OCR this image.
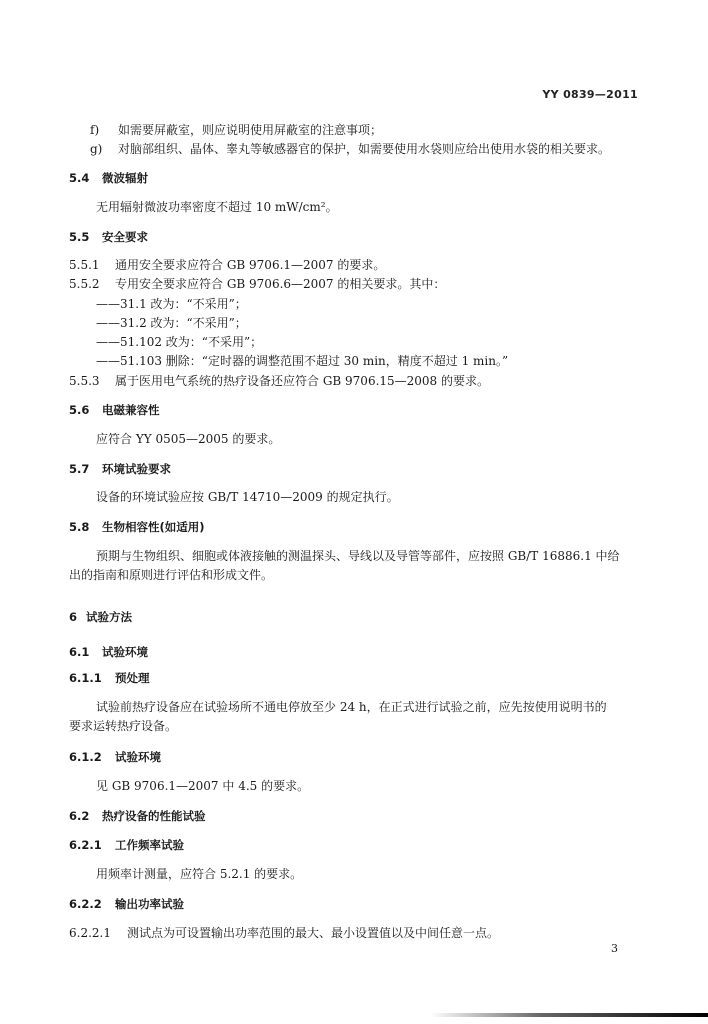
YY 0839—2011
f) 如需要屏蔽室，则应说明使用屏蔽室的注意事项；
g) 对脑部组织、晶体、睾丸等敏感器官的保护，如需要使用水袋则应给出使用水袋的相关要求。
5.4 微波辐射
无用辐射微波功率密度不超过 10 mW/cm²。
5.5 安全要求
5.5.1 通用安全要求应符合 GB 9706.1—2007 的要求。
5.5.2 专用安全要求应符合 GB 9706.6—2007 的相关要求。其中：
——31.1 改为：“不采用”；
——31.2 改为：“不采用”；
——51.102 改为：“不采用”；
——51.103 删除：“定时器的调整范围不超过 30 min，精度不超过 1 min。”
5.5.3 属于医用电气系统的热疗设备还应符合 GB 9706.15—2008 的要求。
5.6 电磁兼容性
应符合 YY 0505—2005 的要求。
5.7 环境试验要求
设备的环境试验应按 GB/T 14710—2009 的规定执行。
5.8 生物相容性(如适用)
预期与生物组织、细胞或体液接触的测温探头、导线以及导管等部件，应按照 GB/T 16886.1 中给
出的指南和原则进行评估和形成文件。
6 试验方法
6.1 试验环境
6.1.1 预处理
试验前热疗设备应在试验场所不通电停放至少 24 h，在正式进行试验之前，应先按使用说明书的
要求运转热疗设备。
6.1.2 试验环境
见 GB 9706.1—2007 中 4.5 的要求。
6.2 热疗设备的性能试验
6.2.1 工作频率试验
用频率计测量，应符合 5.2.1 的要求。
6.2.2 输出功率试验
6.2.2.1 测试点为可设置输出功率范围的最大、最小设置值以及中间任意一点。
3
